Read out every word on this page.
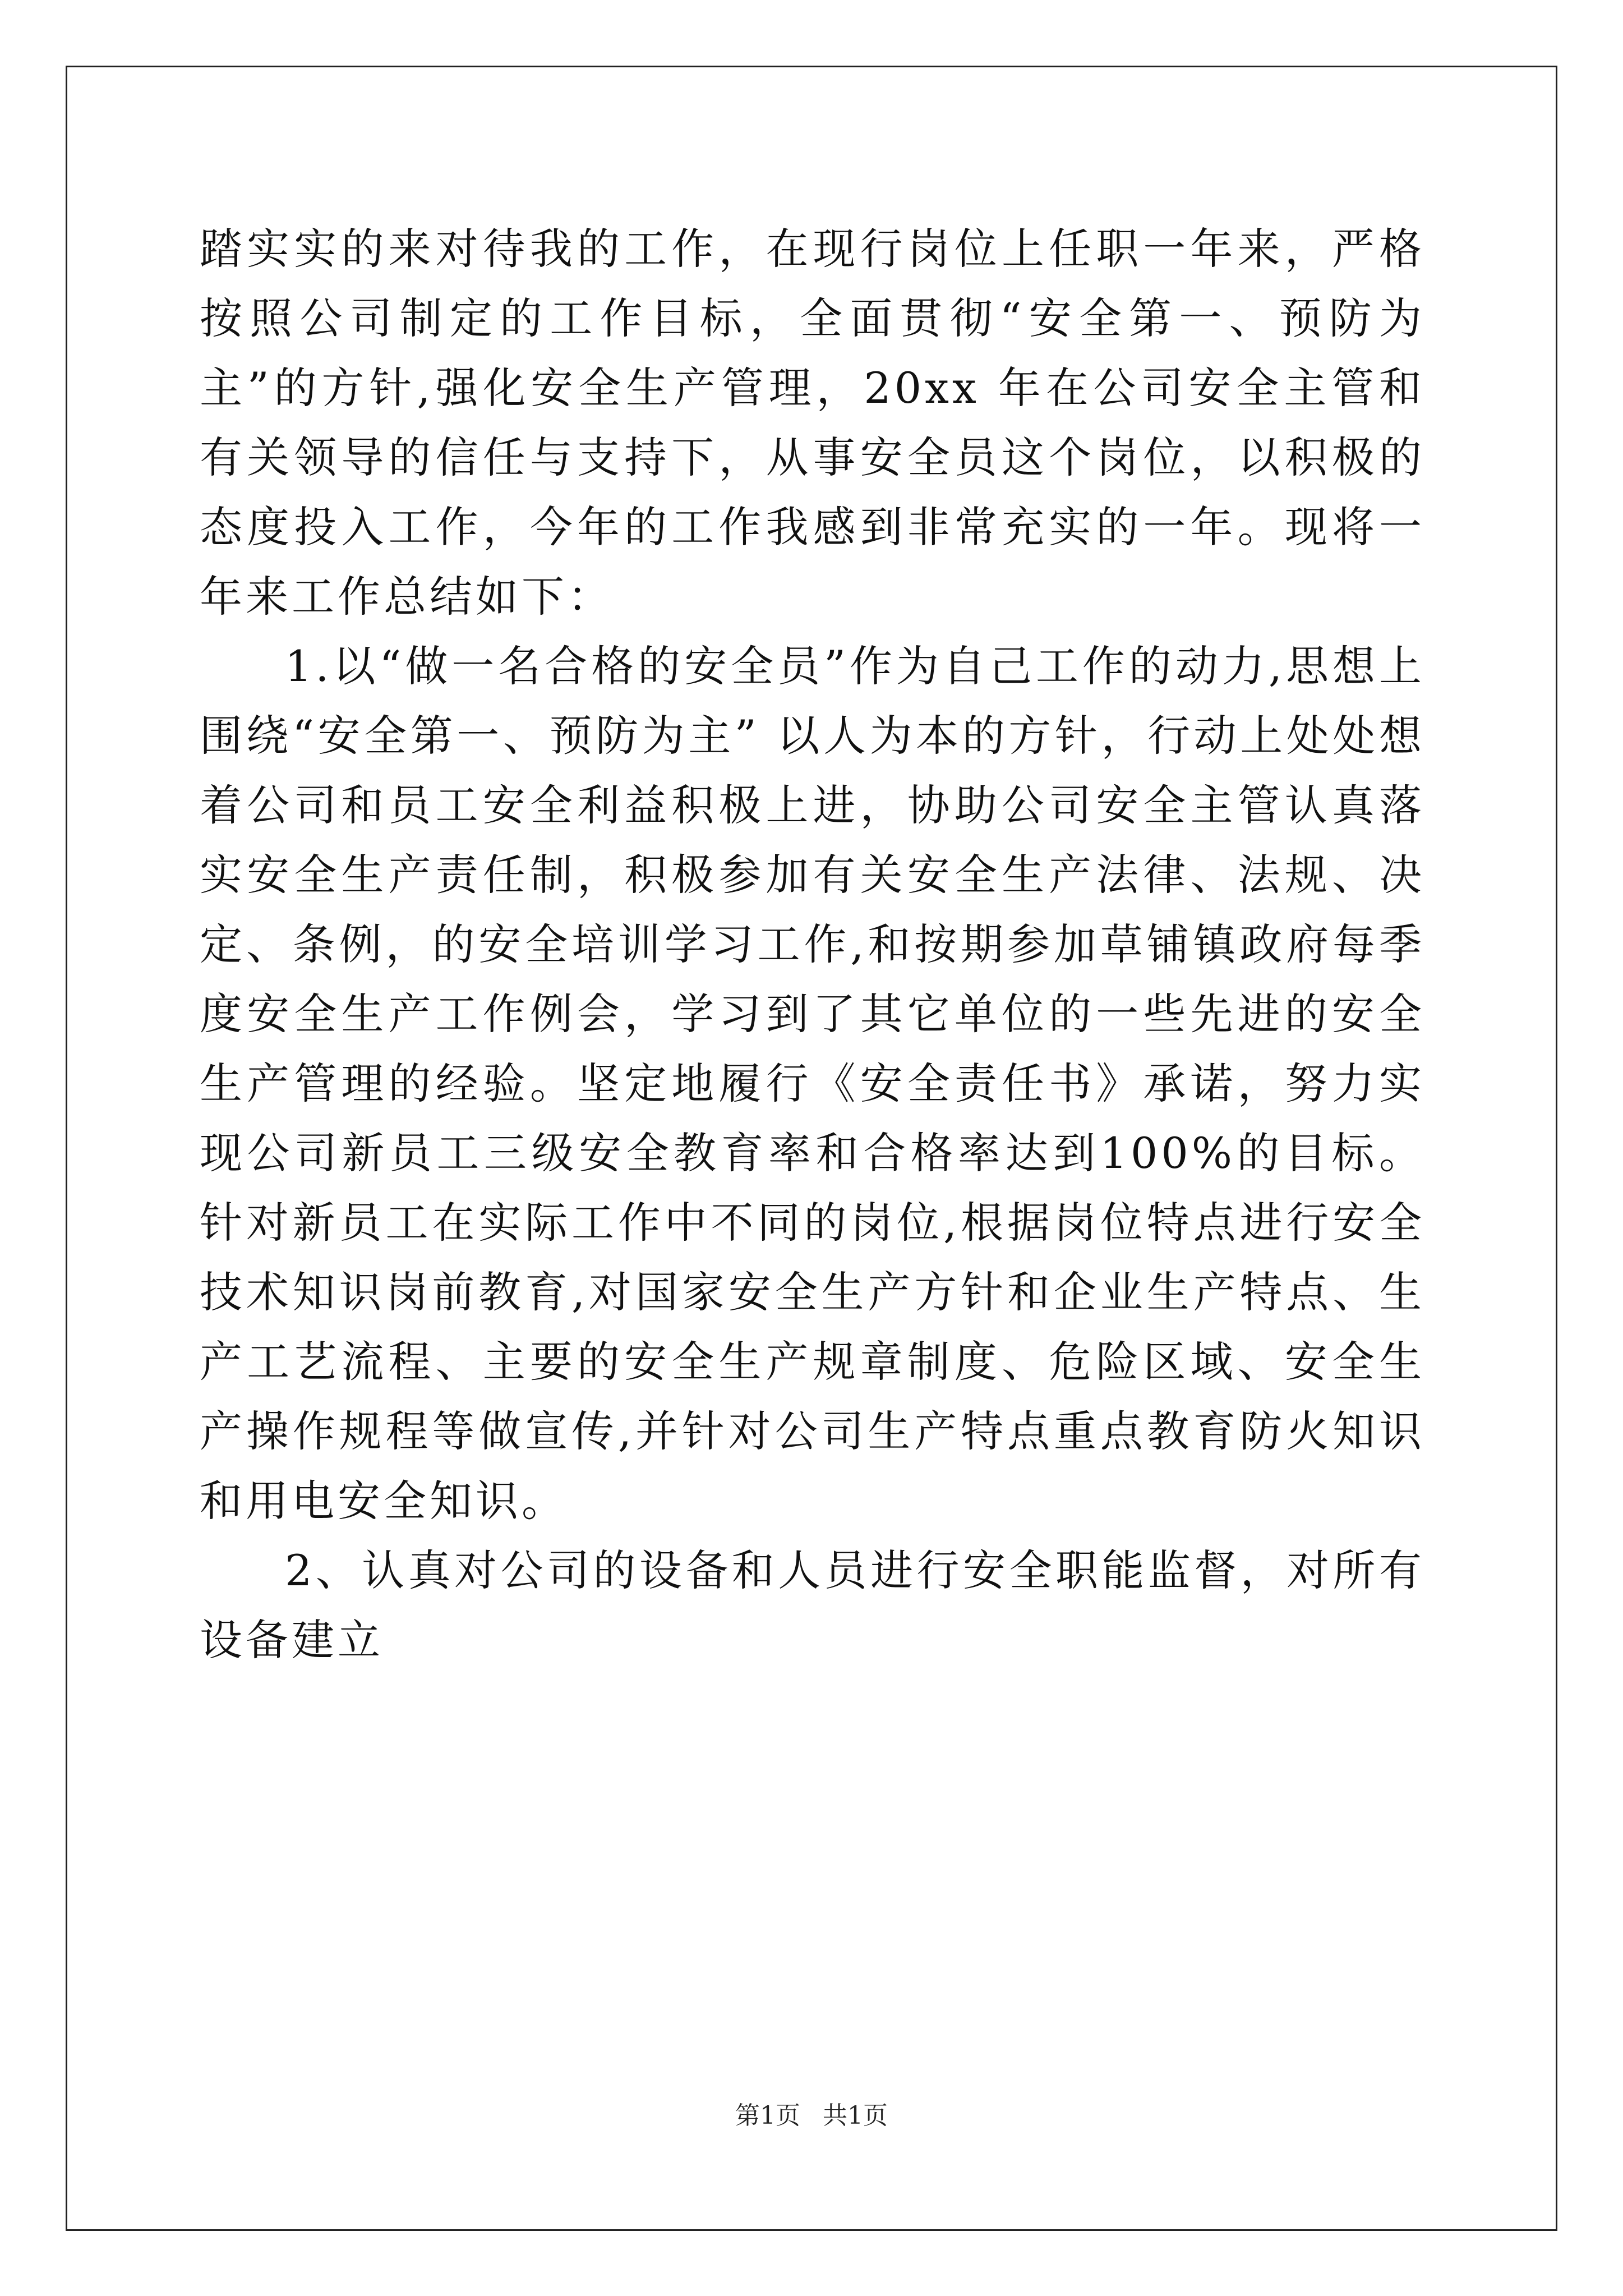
踏实实的来对待我的工作，在现行岗位上任职一年来，严格按照公司制定的工作目标，全面贯彻“安全第一、预防为主”的方针,强化安全生产管理，20xx 年在公司安全主管和有关领导的信任与支持下，从事安全员这个岗位，以积极的态度投入工作，今年的工作我感到非常充实的一年。现将一年来工作总结如下：

1.以“做一名合格的安全员”作为自己工作的动力,思想上围绕“安全第一、预防为主” 以人为本的方针，行动上处处想着公司和员工安全利益积极上进，协助公司安全主管认真落实安全生产责任制，积极参加有关安全生产法律、法规、决定、条例，的安全培训学习工作,和按期参加草铺镇政府每季度安全生产工作例会，学习到了其它单位的一些先进的安全生产管理的经验。坚定地履行《安全责任书》承诺，努力实现公司新员工三级安全教育率和合格率达到100%的目标。针对新员工在实际工作中不同的岗位,根据岗位特点进行安全技术知识岗前教育,对国家安全生产方针和企业生产特点、生产工艺流程、主要的安全生产规章制度、危险区域、安全生产操作规程等做宣传,并针对公司生产特点重点教育防火知识和用电安全知识。

2、认真对公司的设备和人员进行安全职能监督，对所有设备建立

第1页 共1页
